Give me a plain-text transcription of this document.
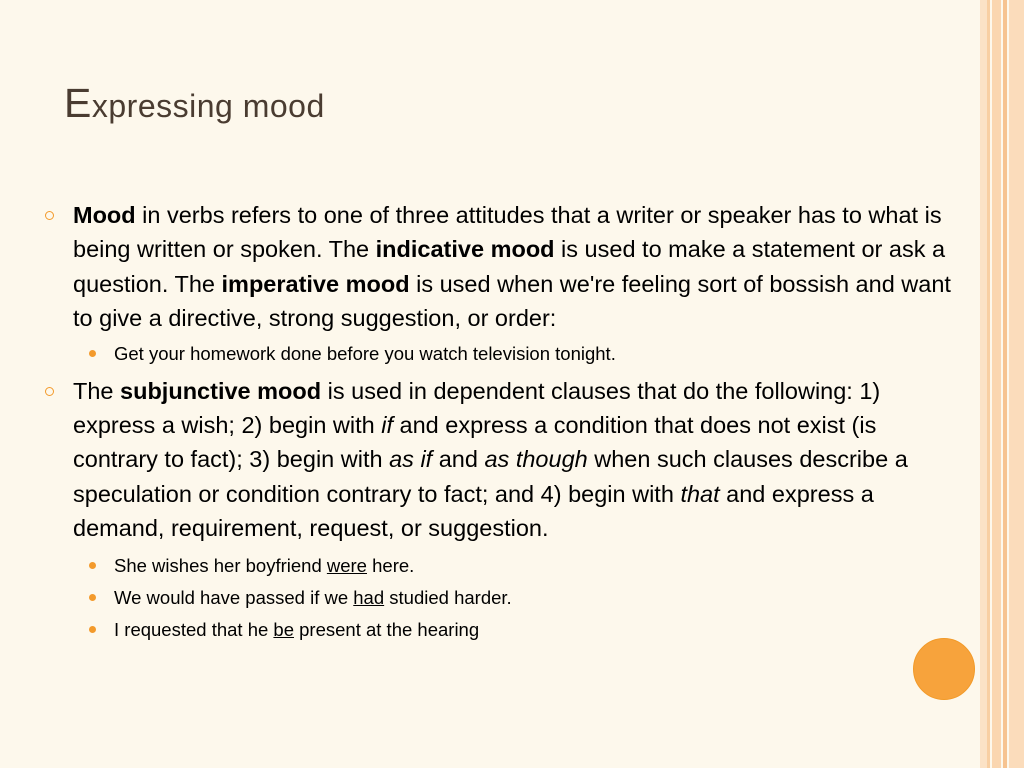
Expressing mood
Mood in verbs refers to one of three attitudes that a writer or speaker has to what is being written or spoken. The indicative mood is used to make a statement or ask a question. The imperative mood is used when we're feeling sort of bossish and want to give a directive, strong suggestion, or order:
Get your homework done before you watch television tonight.
The subjunctive mood is used in dependent clauses that do the following: 1) express a wish; 2) begin with if and express a condition that does not exist (is contrary to fact); 3) begin with as if and as though when such clauses describe a speculation or condition contrary to fact; and 4) begin with that and express a demand, requirement, request, or suggestion.
She wishes her boyfriend were here.
We would have passed if we had studied harder.
I requested that he be present at the hearing
